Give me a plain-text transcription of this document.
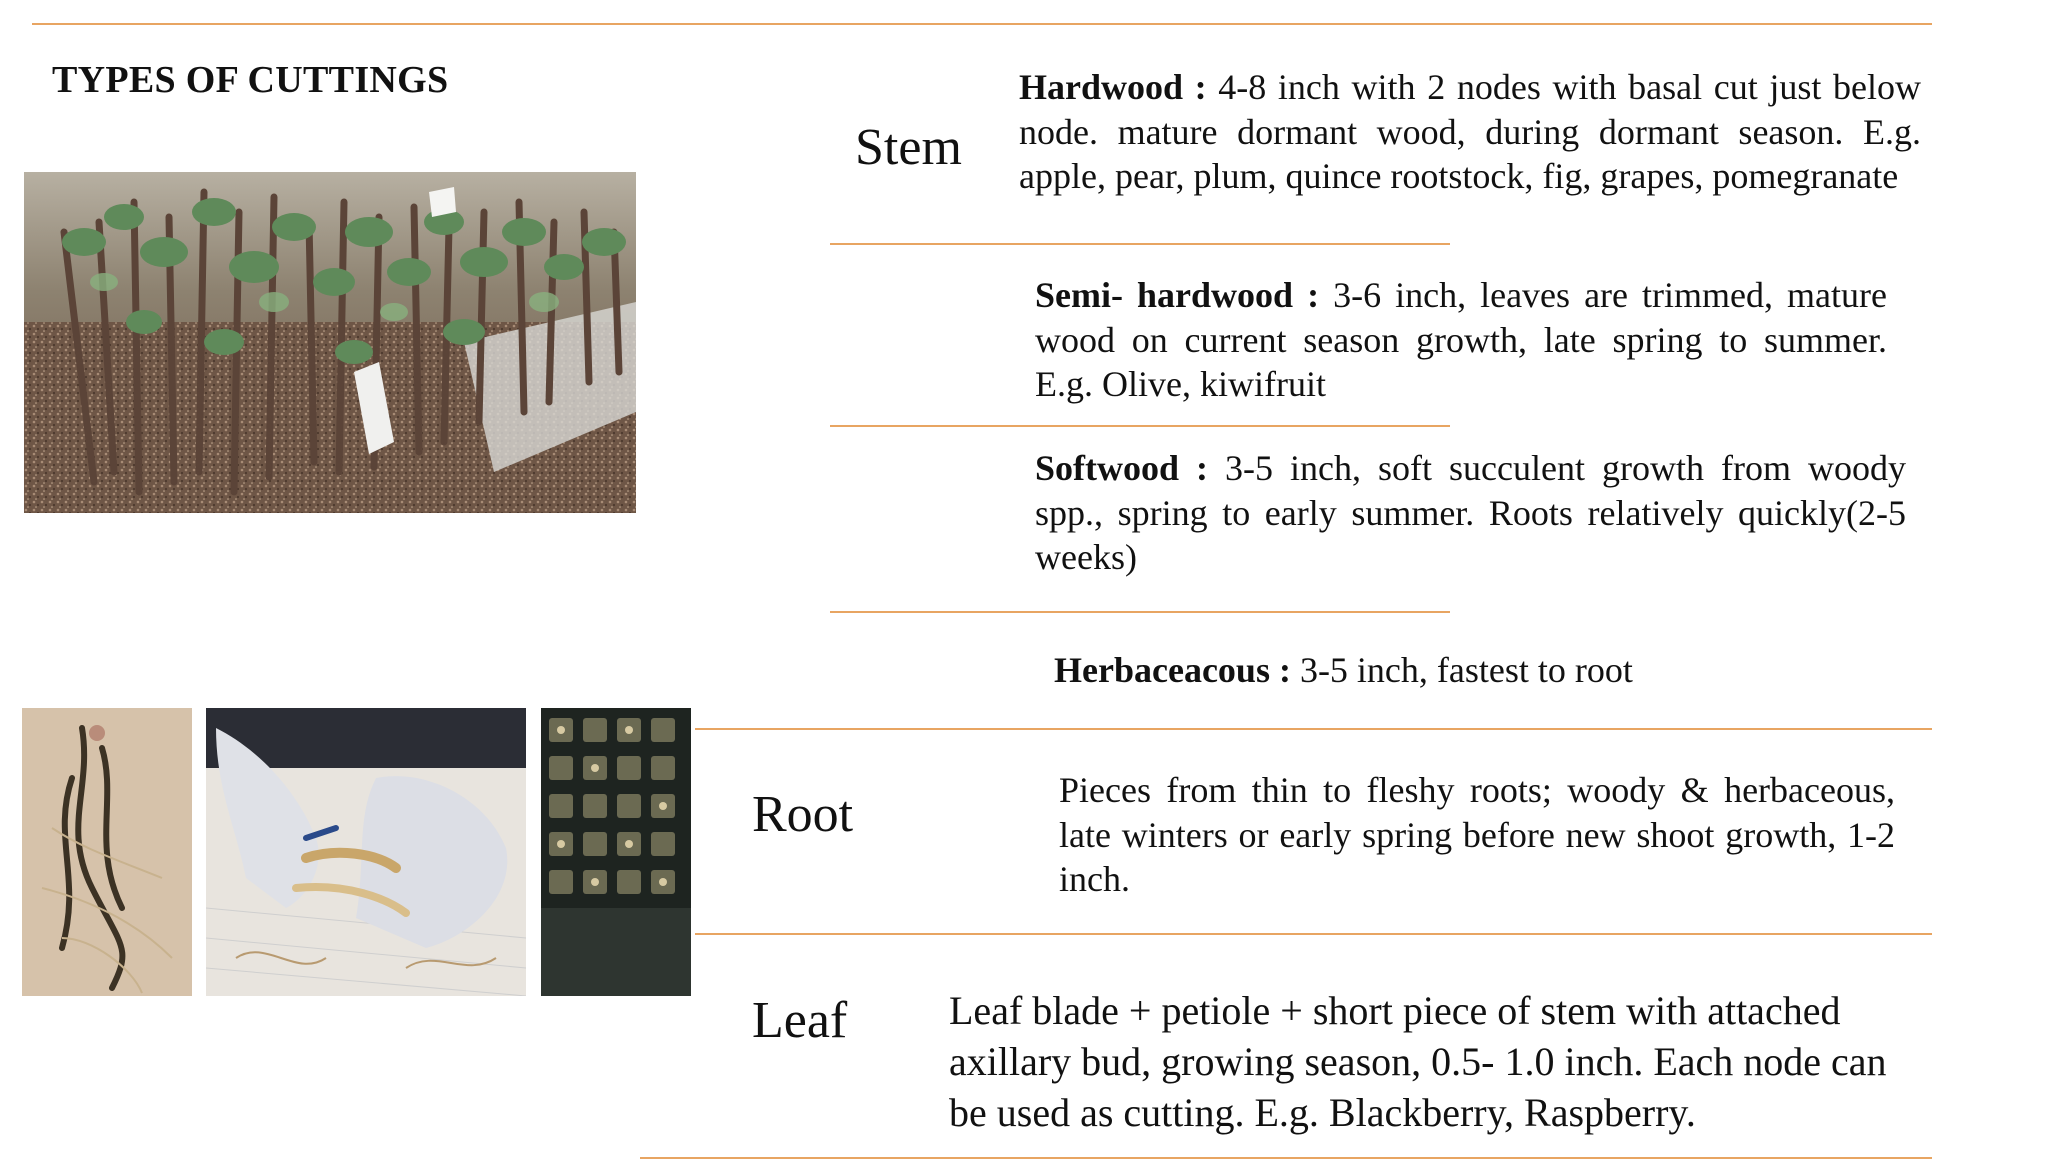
TYPES OF CUTTINGS
Stem
Root
Leaf
Hardwood : 4-8 inch with 2 nodes with basal cut just below node. mature dormant wood, during dormant season. E.g. apple, pear, plum, quince rootstock, fig, grapes, pomegranate
Semi- hardwood : 3-6 inch, leaves are trimmed, mature wood on current season growth, late spring to summer. E.g. Olive, kiwifruit
Softwood : 3-5 inch, soft succulent growth from woody spp., spring to early summer. Roots relatively quickly(2-5 weeks)
Herbaceacous : 3-5 inch, fastest to root
Pieces from thin to fleshy roots; woody & herbaceous, late winters or early spring before new shoot growth, 1-2 inch.
Leaf blade + petiole + short piece of stem with attached axillary bud, growing season, 0.5- 1.0 inch. Each node can be used as cutting. E.g. Blackberry, Raspberry.
